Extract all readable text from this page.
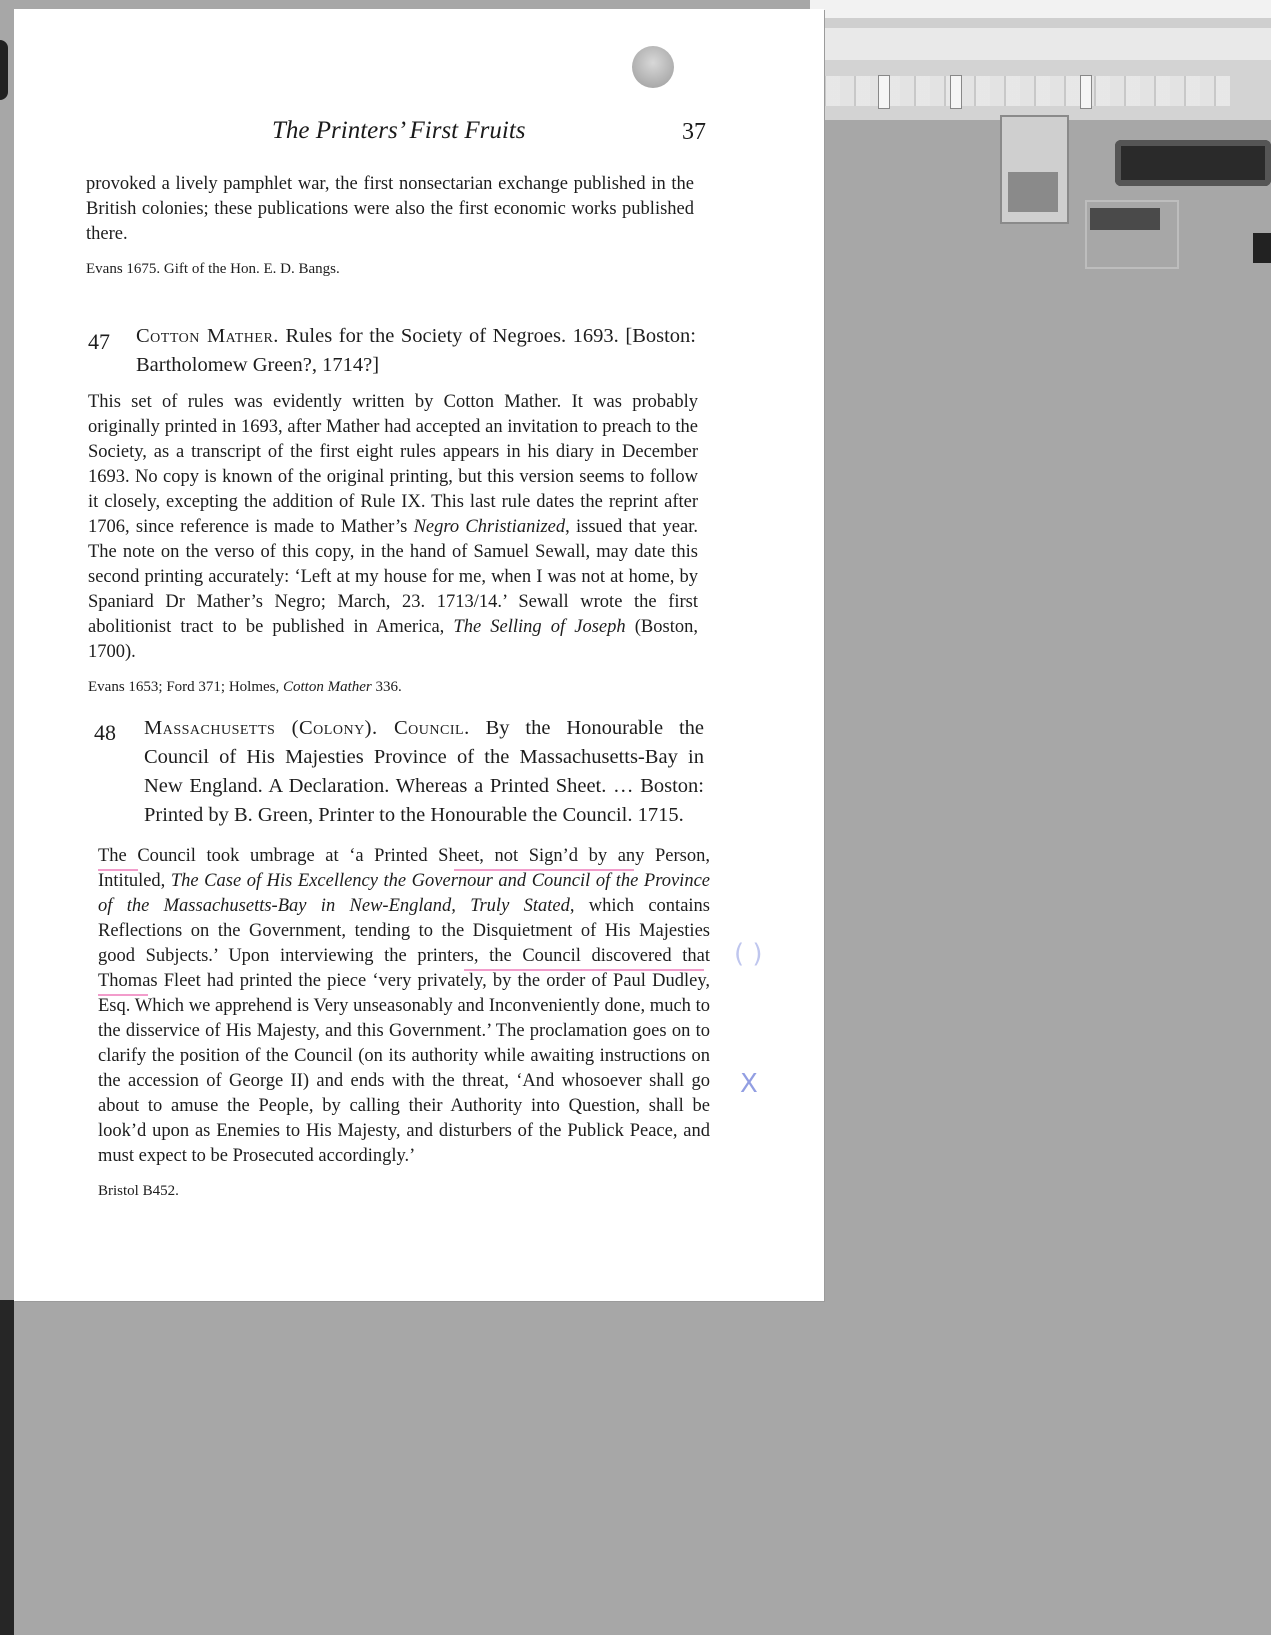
The Printers’ First Fruits	37
provoked a lively pamphlet war, the first nonsectarian exchange published in the British colonies; these publications were also the first economic works published there.
Evans 1675. Gift of the Hon. E. D. Bangs.
47 Cotton Mather. Rules for the Society of Negroes. 1693. [Boston: Bartholomew Green?, 1714?]
This set of rules was evidently written by Cotton Mather. It was probably originally printed in 1693, after Mather had accepted an invitation to preach to the Society, as a transcript of the first eight rules appears in his diary in December 1693. No copy is known of the original printing, but this version seems to follow it closely, excepting the addition of Rule IX. This last rule dates the reprint after 1706, since reference is made to Mather’s Negro Christianized, issued that year. The note on the verso of this copy, in the hand of Samuel Sewall, may date this second printing accurately: ‘Left at my house for me, when I was not at home, by Spaniard Dr Mather’s Negro; March, 23. 1713/14.’ Sewall wrote the first abolitionist tract to be published in America, The Selling of Joseph (Boston, 1700).
Evans 1653; Ford 371; Holmes, Cotton Mather 336.
48 Massachusetts (Colony). Council. By the Honourable the Council of His Majesties Province of the Massachusetts-Bay in New England. A Declaration. Whereas a Printed Sheet. … Boston: Printed by B. Green, Printer to the Honourable the Council. 1715.
The Council took umbrage at ‘a Printed Sheet, not Sign’d by any Person, Intituled, The Case of His Excellency the Governour and Council of the Province of the Massachusetts-Bay in New-England, Truly Stated, which contains Reflections on the Government, tending to the Disquietment of His Majesties good Subjects.’ Upon interviewing the printers, the Council discovered that Thomas Fleet had printed the piece ‘very privately, by the order of Paul Dudley, Esq. Which we apprehend is Very unseasonably and Inconveniently done, much to the disservice of His Majesty, and this Government.’ The proclamation goes on to clarify the position of the Council (on its authority while awaiting instructions on the accession of George II) and ends with the threat, ‘And whosoever shall go about to amuse the People, by calling their Authority into Question, shall be look’d upon as Enemies to His Majesty, and disturbers of the Publick Peace, and must expect to be Prosecuted accordingly.’
Bristol B452.
( )
X
